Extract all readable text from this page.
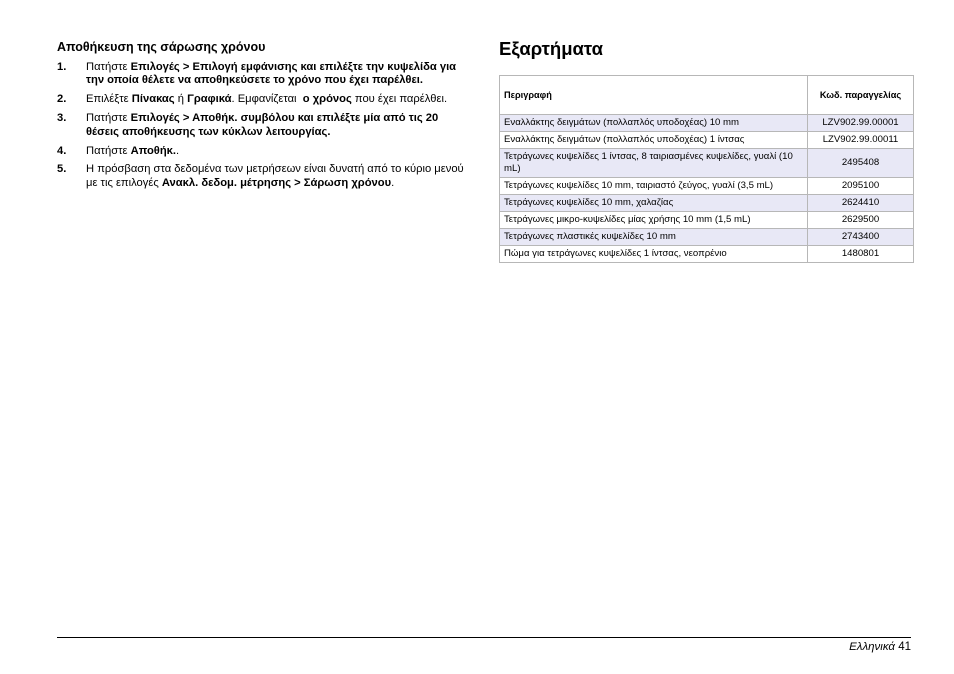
Αποθήκευση της σάρωσης χρόνου
1.	Πατήστε Επιλογές > Επιλογή εμφάνισης και επιλέξτε την κυψελίδα για την οποία θέλετε να αποθηκεύσετε το χρόνο που έχει παρέλθει.
2.	Επιλέξτε Πίνακας ή Γραφικά. Εμφανίζεται  ο χρόνος που έχει παρέλθει.
3.	Πατήστε Επιλογές > Αποθήκ. συμβόλου και επιλέξτε μία από τις 20 θέσεις αποθήκευσης των κύκλων λειτουργίας.
4.	Πατήστε Αποθήκ..
5.	Η πρόσβαση στα δεδομένα των μετρήσεων είναι δυνατή από το κύριο μενού με τις επιλογές Ανακλ. δεδομ. μέτρησης > Σάρωση χρόνου.
Εξαρτήματα
Περιγραφή	Κωδ. παραγγελίας
Εναλλάκτης δειγμάτων (πολλαπλός υποδοχέας) 10 mm	LZV902.99.00001
Εναλλάκτης δειγμάτων (πολλαπλός υποδοχέας) 1 ίντσας	LZV902.99.00011
Τετράγωνες κυψελίδες 1 ίντσας, 8 ταιριασμένες κυψελίδες, γυαλί (10 mL)	2495408
Τετράγωνες κυψελίδες 10 mm, ταιριαστό ζεύγος, γυαλί (3,5 mL)	2095100
Τετράγωνες κυψελίδες 10 mm, χαλαζίας	2624410
Τετράγωνες μικρο-κυψελίδες μίας χρήσης 10 mm (1,5 mL)	2629500
Τετράγωνες πλαστικές κυψελίδες 10 mm	2743400
Πώμα για τετράγωνες κυψελίδες 1 ίντσας, νεοπρένιο	1480801
Ελληνικά 41
